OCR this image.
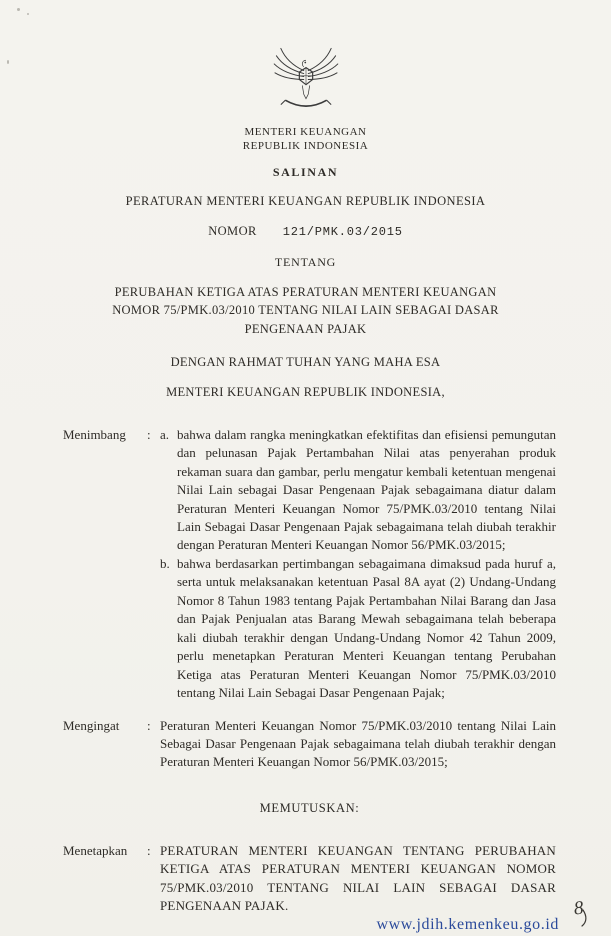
MENTERI KEUANGAN
REPUBLIK INDONESIA
SALINAN
PERATURAN MENTERI KEUANGAN REPUBLIK INDONESIA
NOMOR 121/PMK.03/2015
TENTANG
PERUBAHAN KETIGA ATAS PERATURAN MENTERI KEUANGAN NOMOR 75/PMK.03/2010 TENTANG NILAI LAIN SEBAGAI DASAR PENGENAAN PAJAK
DENGAN RAHMAT TUHAN YANG MAHA ESA
MENTERI KEUANGAN REPUBLIK INDONESIA,
Menimbang	: a. bahwa dalam rangka meningkatkan efektifitas dan efisiensi pemungutan dan pelunasan Pajak Pertambahan Nilai atas penyerahan produk rekaman suara dan gambar, perlu mengatur kembali ketentuan mengenai Nilai Lain sebagai Dasar Pengenaan Pajak sebagaimana diatur dalam Peraturan Menteri Keuangan Nomor 75/PMK.03/2010 tentang Nilai Lain Sebagai Dasar Pengenaan Pajak sebagaimana telah diubah terakhir dengan Peraturan Menteri Keuangan Nomor 56/PMK.03/2015;

b. bahwa berdasarkan pertimbangan sebagaimana dimaksud pada huruf a, serta untuk melaksanakan ketentuan Pasal 8A ayat (2) Undang-Undang Nomor 8 Tahun 1983 tentang Pajak Pertambahan Nilai Barang dan Jasa dan Pajak Penjualan atas Barang Mewah sebagaimana telah beberapa kali diubah terakhir dengan Undang-Undang Nomor 42 Tahun 2009, perlu menetapkan Peraturan Menteri Keuangan tentang Perubahan Ketiga atas Peraturan Menteri Keuangan Nomor 75/PMK.03/2010 tentang Nilai Lain Sebagai Dasar Pengenaan Pajak;

Mengingat	: Peraturan Menteri Keuangan Nomor 75/PMK.03/2010 tentang Nilai Lain Sebagai Dasar Pengenaan Pajak sebagaimana telah diubah terakhir dengan Peraturan Menteri Keuangan Nomor 56/PMK.03/2015;
MEMUTUSKAN:
Menetapkan	: PERATURAN MENTERI KEUANGAN TENTANG PERUBAHAN KETIGA ATAS PERATURAN MENTERI KEUANGAN NOMOR 75/PMK.03/2010 TENTANG NILAI LAIN SEBAGAI DASAR PENGENAAN PAJAK.	8
www.jdih.kemenkeu.go.id
